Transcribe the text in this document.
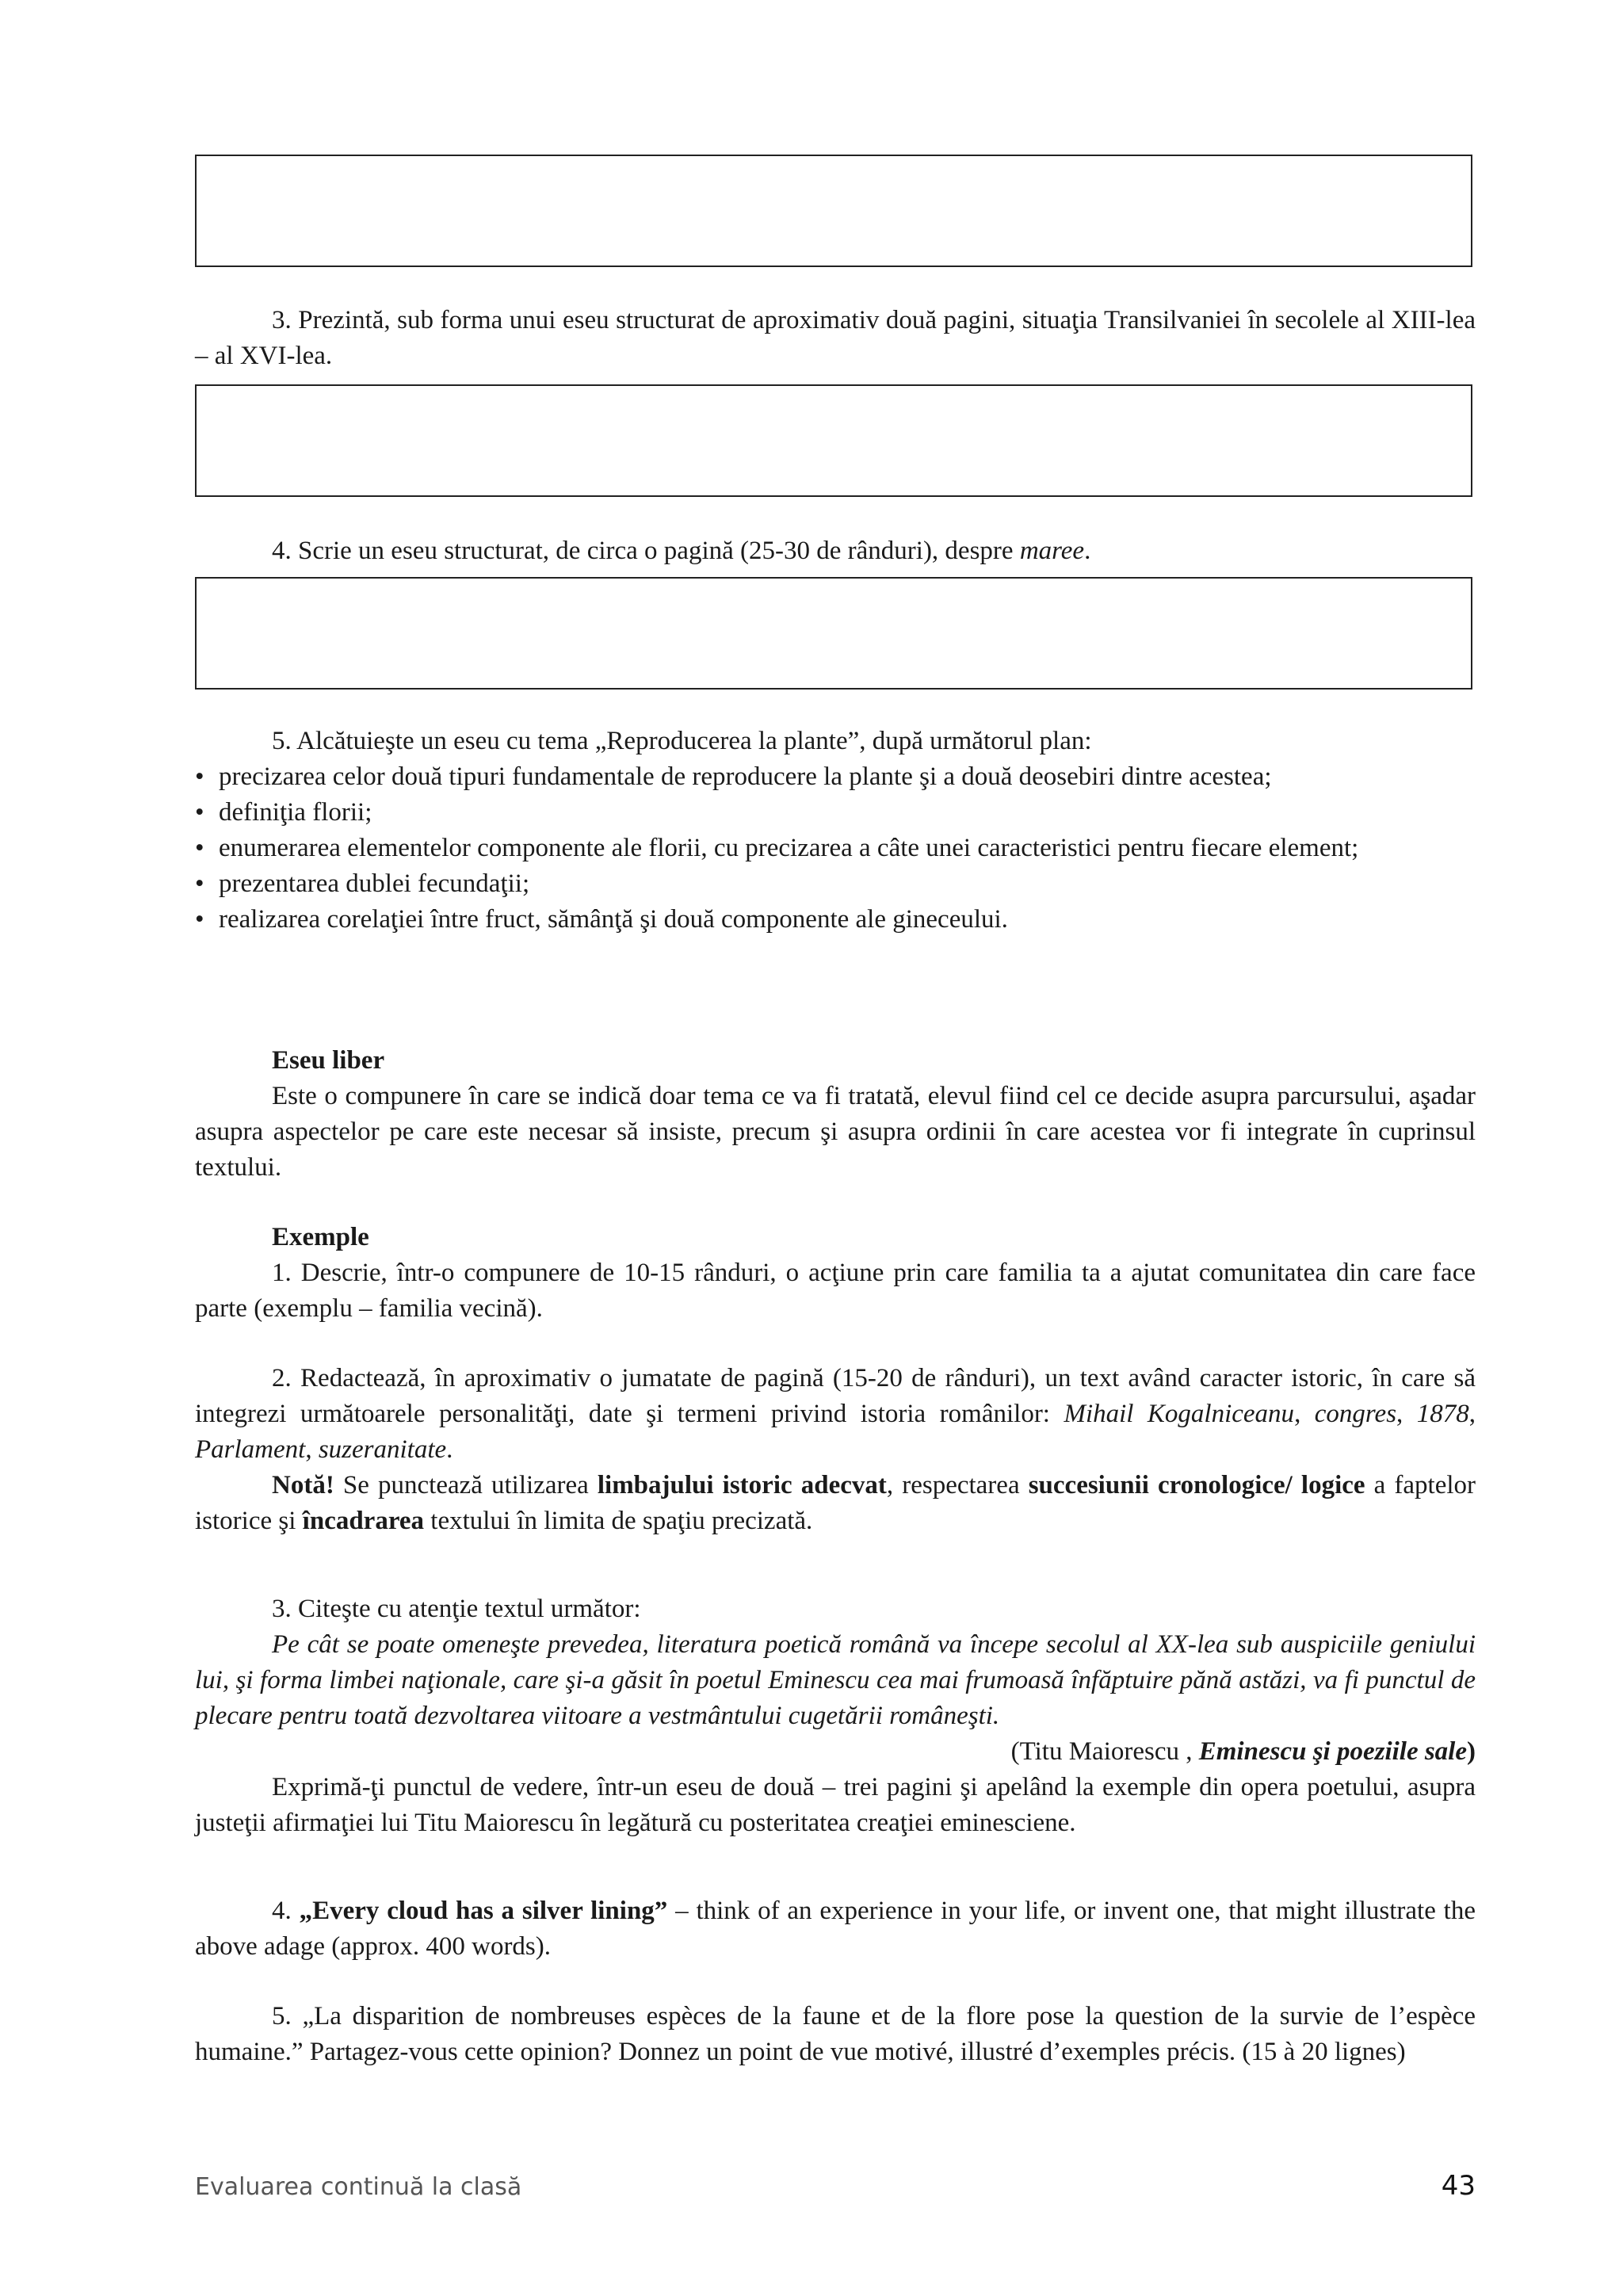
3. Prezintă, sub forma unui eseu structurat de aproximativ două pagini, situaţia Transilvaniei în secolele al XIII-lea – al XVI-lea.
4. Scrie un eseu structurat, de circa o pagină (25-30 de rânduri), despre maree.
5. Alcătuieşte un eseu cu tema „Reproducerea la plante”, după următorul plan:
• precizarea celor două tipuri fundamentale de reproducere la plante şi a două deosebiri dintre acestea;
• definiţia florii;
• enumerarea elementelor componente ale florii, cu precizarea a câte unei caracteristici pentru fiecare element;
• prezentarea dublei fecundaţii;
• realizarea corelaţiei între fruct, sămânţă şi două componente ale gineceului.
Eseu liber
Este o compunere în care se indică doar tema ce va fi tratată, elevul fiind cel ce decide asupra parcursului, aşadar asupra aspectelor pe care este necesar să insiste, precum şi asupra ordinii în care acestea vor fi integrate în cuprinsul textului.
Exemple
1. Descrie, într-o compunere de 10-15 rânduri, o acţiune prin care familia ta a ajutat comunitatea din care face parte (exemplu – familia vecină).
2. Redactează, în aproximativ o jumatate de pagină (15-20 de rânduri), un text având caracter istoric, în care să integrezi următoarele personalităţi, date şi termeni privind istoria românilor: Mihail Kogalniceanu, congres, 1878, Parlament, suzeranitate.
Notă! Se punctează utilizarea limbajului istoric adecvat, respectarea succesiunii cronologice/ logice a faptelor istorice şi încadrarea textului în limita de spaţiu precizată.
3. Citeşte cu atenţie textul următor:
Pe cât se poate omeneşte prevedea, literatura poetică română va începe secolul al XX-lea sub auspiciile geniului lui, şi forma limbei naţionale, care şi-a găsit în poetul Eminescu cea mai frumoasă înfăptuire pănă astăzi, va fi punctul de plecare pentru toată dezvoltarea viitoare a vestmântului cugetării româneşti.
(Titu Maiorescu , Eminescu şi poeziile sale)
Exprimă-ţi punctul de vedere, într-un eseu de două – trei pagini şi apelând la exemple din opera poetului, asupra justeţii afirmaţiei lui Titu Maiorescu în legătură cu posteritatea creaţiei eminesciene.
4. „Every cloud has a silver lining” – think of an experience in your life, or invent one, that might illustrate the above adage (approx. 400 words).
5. „La disparition de nombreuses espèces de la faune et de la flore pose la question de la survie de l’espèce humaine.” Partagez-vous cette opinion? Donnez un point de vue motivé, illustré d’exemples précis. (15 à 20 lignes)
Evaluarea continuă la clasă	43
